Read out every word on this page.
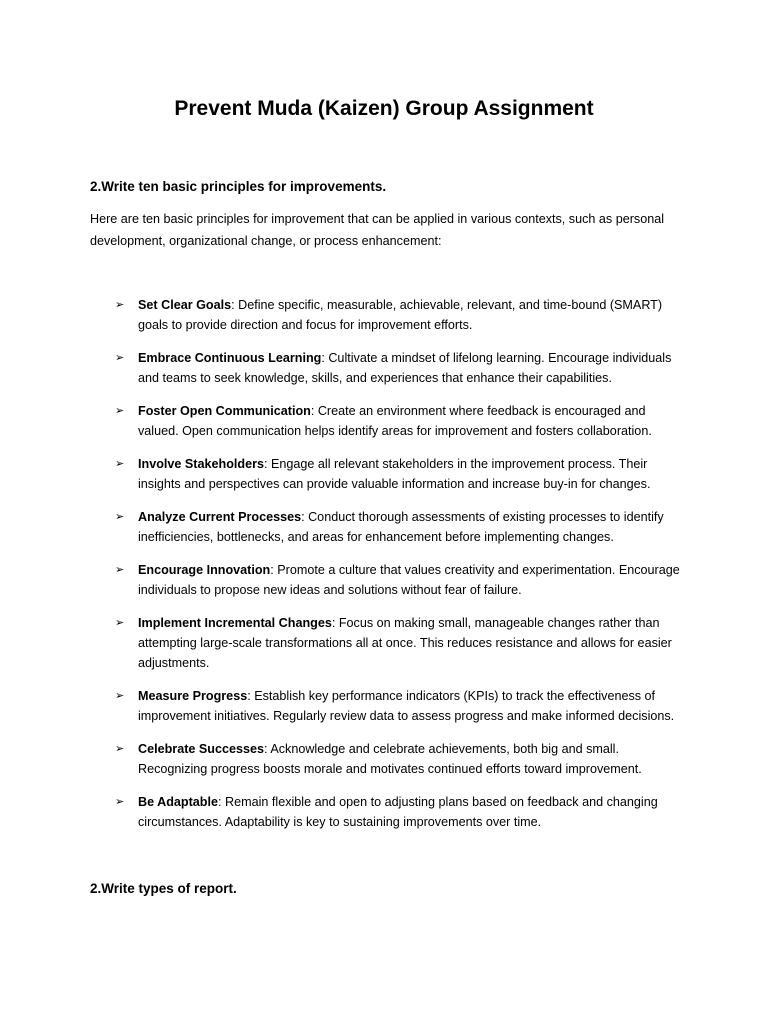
Prevent Muda (Kaizen) Group Assignment
2.Write ten basic principles for improvements.

Here are ten basic principles for improvement that can be applied in various contexts, such as personal development, organizational change, or process enhancement:

➢ Set Clear Goals: Define specific, measurable, achievable, relevant, and time-bound (SMART) goals to provide direction and focus for improvement efforts.
➢ Embrace Continuous Learning: Cultivate a mindset of lifelong learning. Encourage individuals and teams to seek knowledge, skills, and experiences that enhance their capabilities.
➢ Foster Open Communication: Create an environment where feedback is encouraged and valued. Open communication helps identify areas for improvement and fosters collaboration.
➢ Involve Stakeholders: Engage all relevant stakeholders in the improvement process. Their insights and perspectives can provide valuable information and increase buy-in for changes.
➢ Analyze Current Processes: Conduct thorough assessments of existing processes to identify inefficiencies, bottlenecks, and areas for enhancement before implementing changes.
➢ Encourage Innovation: Promote a culture that values creativity and experimentation. Encourage individuals to propose new ideas and solutions without fear of failure.
➢ Implement Incremental Changes: Focus on making small, manageable changes rather than attempting large-scale transformations all at once. This reduces resistance and allows for easier adjustments.
➢ Measure Progress: Establish key performance indicators (KPIs) to track the effectiveness of improvement initiatives. Regularly review data to assess progress and make informed decisions.
➢ Celebrate Successes: Acknowledge and celebrate achievements, both big and small. Recognizing progress boosts morale and motivates continued efforts toward improvement.
➢ Be Adaptable: Remain flexible and open to adjusting plans based on feedback and changing circumstances. Adaptability is key to sustaining improvements over time.
2.Write types of report.
